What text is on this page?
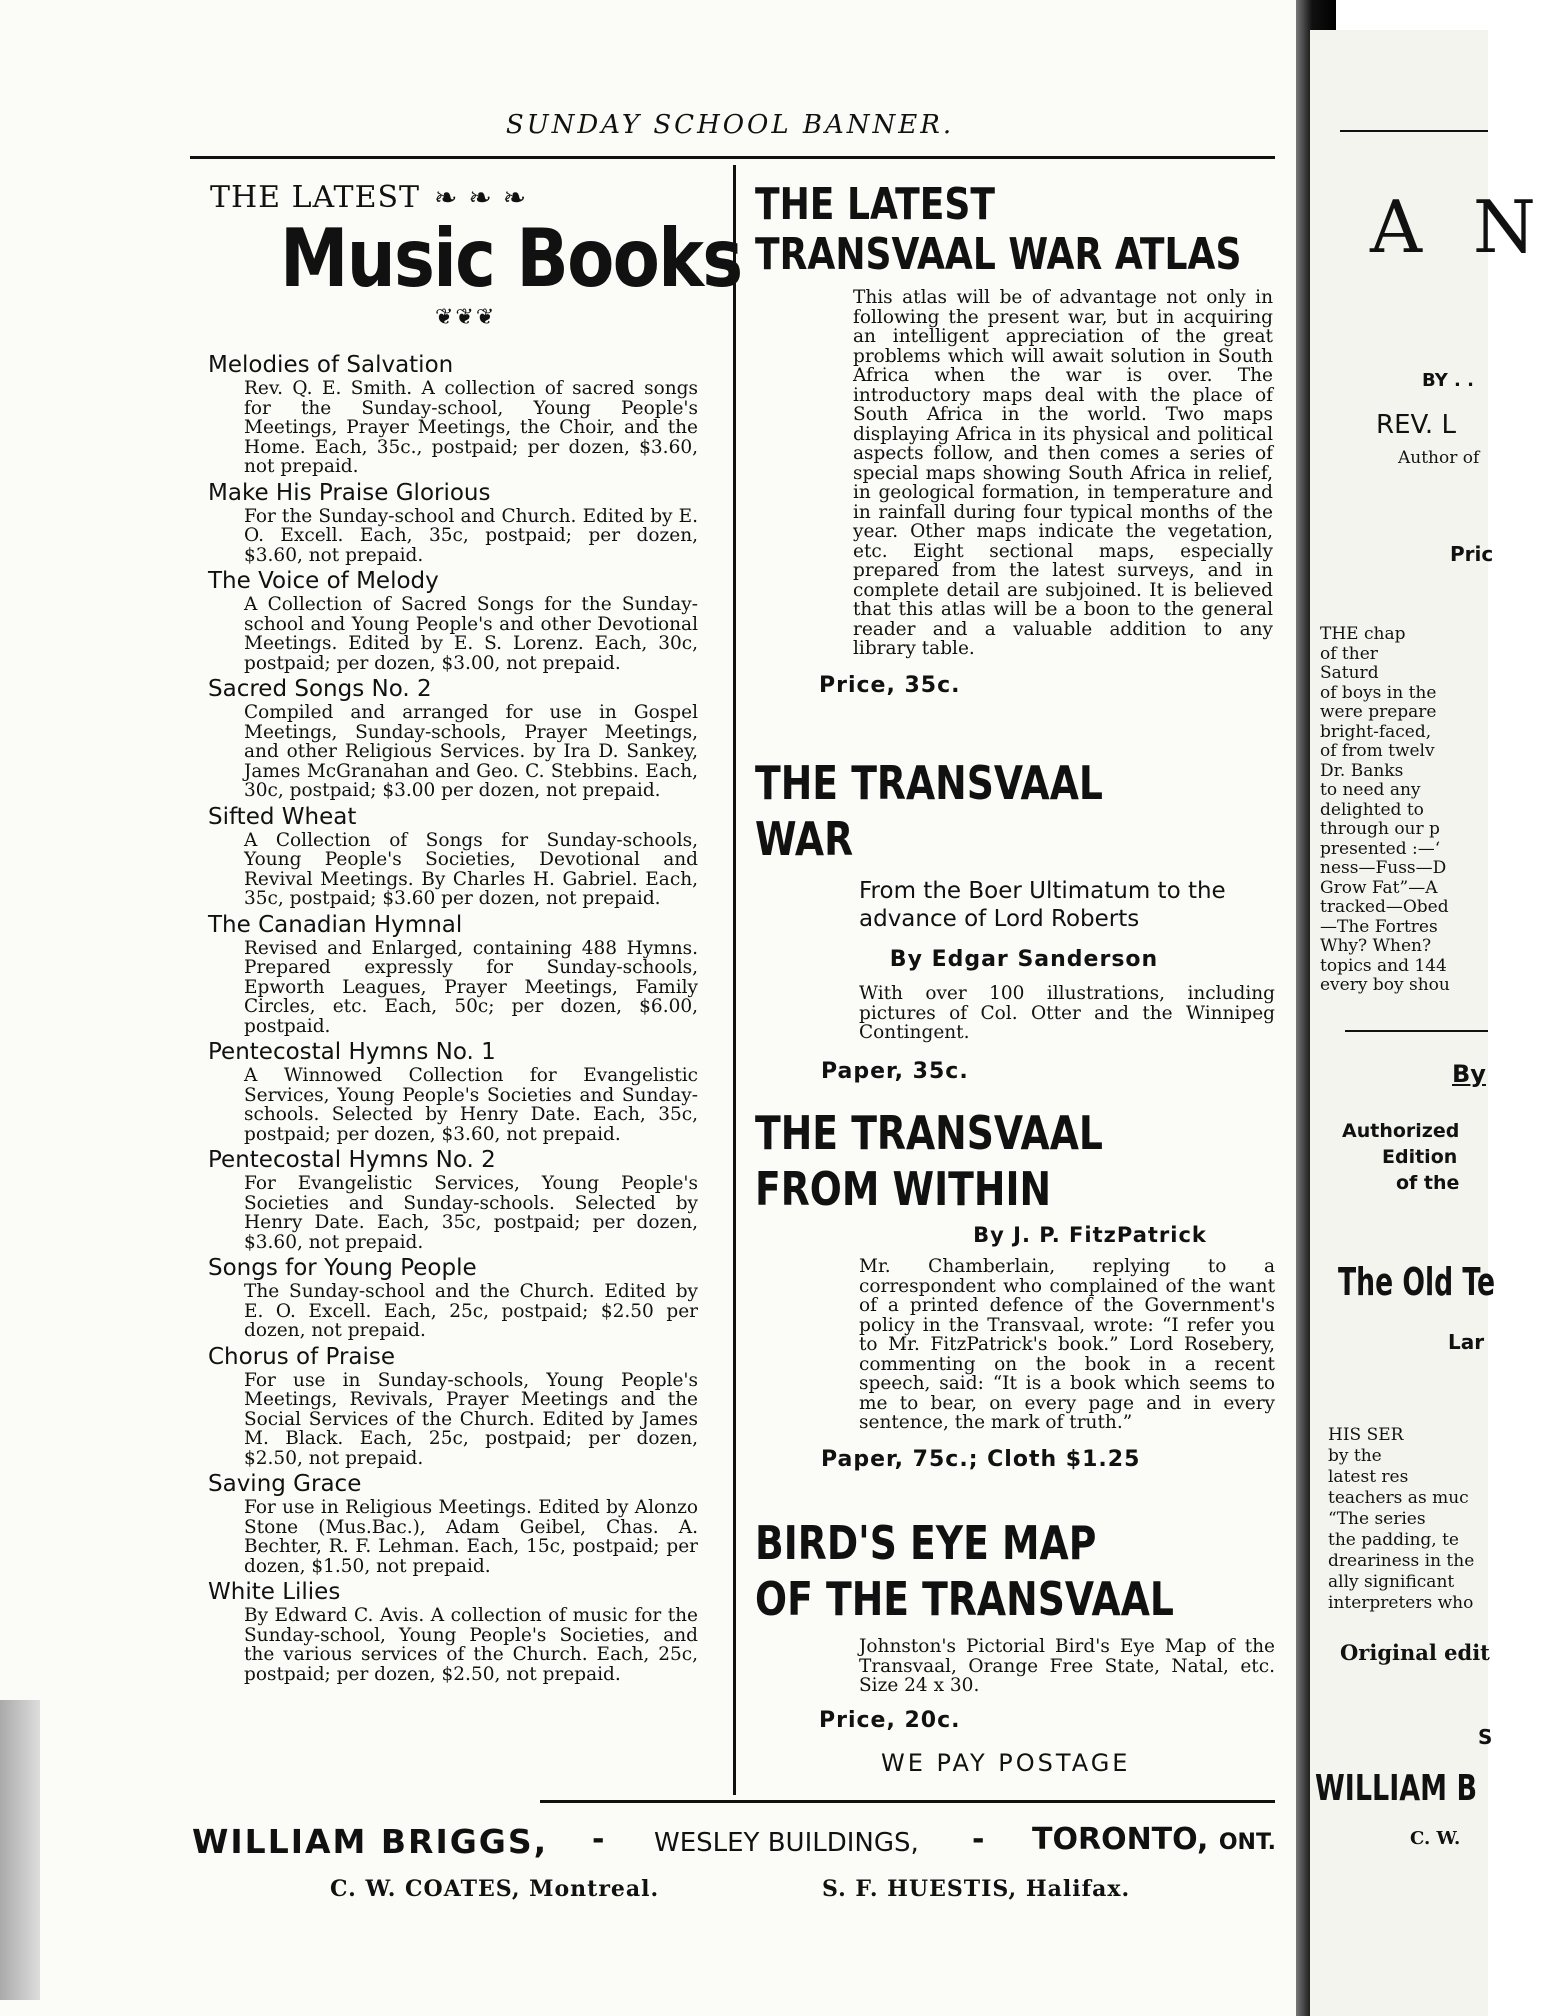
SUNDAY SCHOOL BANNER.
THE LATEST ❧ ❧ ❧
Music Books
❦❦❦
Melodies of Salvation
Rev. Q. E. Smith. A collection of sacred songs for the Sunday-school, Young People's Meetings, Prayer Meetings, the Choir, and the Home. Each, 35c., postpaid; per dozen, $3.60, not prepaid.
Make His Praise Glorious
For the Sunday-school and Church. Edited by E. O. Excell. Each, 35c, postpaid; per dozen, $3.60, not prepaid.
The Voice of Melody
A Collection of Sacred Songs for the Sunday-school and Young People's and other Devotional Meetings. Edited by E. S. Lorenz. Each, 30c, postpaid; per dozen, $3.00, not prepaid.
Sacred Songs No. 2
Compiled and arranged for use in Gospel Meetings, Sunday-schools, Prayer Meetings, and other Religious Services. by Ira D. Sankey, James McGranahan and Geo. C. Stebbins. Each, 30c, postpaid; $3.00 per dozen, not prepaid.
Sifted Wheat
A Collection of Songs for Sunday-schools, Young People's Societies, Devotional and Revival Meetings. By Charles H. Gabriel. Each, 35c, postpaid; $3.60 per dozen, not prepaid.
The Canadian Hymnal
Revised and Enlarged, containing 488 Hymns. Prepared expressly for Sunday-schools, Epworth Leagues, Prayer Meetings, Family Circles, etc. Each, 50c; per dozen, $6.00, postpaid.
Pentecostal Hymns No. 1
A Winnowed Collection for Evangelistic Services, Young People's Societies and Sunday-schools. Selected by Henry Date. Each, 35c, postpaid; per dozen, $3.60, not prepaid.
Pentecostal Hymns No. 2
For Evangelistic Services, Young People's Societies and Sunday-schools. Selected by Henry Date. Each, 35c, postpaid; per dozen, $3.60, not prepaid.
Songs for Young People
The Sunday-school and the Church. Edited by E. O. Excell. Each, 25c, postpaid; $2.50 per dozen, not prepaid.
Chorus of Praise
For use in Sunday-schools, Young People's Meetings, Revivals, Prayer Meetings and the Social Services of the Church. Edited by James M. Black. Each, 25c, postpaid; per dozen, $2.50, not prepaid.
Saving Grace
For use in Religious Meetings. Edited by Alonzo Stone (Mus.Bac.), Adam Geibel, Chas. A. Bechter, R. F. Lehman. Each, 15c, postpaid; per dozen, $1.50, not prepaid.
White Lilies
By Edward C. Avis. A collection of music for the Sunday-school, Young People's Societies, and the various services of the Church. Each, 25c, postpaid; per dozen, $2.50, not prepaid.
THE LATEST
TRANSVAAL WAR ATLAS
This atlas will be of advantage not only in following the present war, but in acquiring an intelligent appreciation of the great problems which will await solution in South Africa when the war is over. The introductory maps deal with the place of South Africa in the world. Two maps displaying Africa in its physical and political aspects follow, and then comes a series of special maps showing South Africa in relief, in geological formation, in temperature and in rainfall during four typical months of the year. Other maps indicate the vegetation, etc. Eight sectional maps, especially prepared from the latest surveys, and in complete detail are subjoined. It is believed that this atlas will be a boon to the general reader and a valuable addition to any library table.
Price, 35c.
THE TRANSVAAL
WAR
From the Boer Ultimatum to the advance of Lord Roberts
By Edgar Sanderson
With over 100 illustrations, including pictures of Col. Otter and the Winnipeg Contingent.
Paper, 35c.
THE TRANSVAAL
FROM WITHIN
By J. P. FitzPatrick
Mr. Chamberlain, replying to a correspondent who complained of the want of a printed defence of the Government's policy in the Transvaal, wrote: “I refer you to Mr. FitzPatrick's book.” Lord Rosebery, commenting on the book in a recent speech, said: “It is a book which seems to me to bear, on every page and in every sentence, the mark of truth.”
Paper, 75c.; Cloth $1.25
BIRD'S EYE MAP
OF THE TRANSVAAL
Johnston's Pictorial Bird's Eye Map of the Transvaal, Orange Free State, Natal, etc. Size 24 x 30.
Price, 20c.
WE PAY POSTAGE
WILLIAM BRIGGS, - WESLEY BUILDINGS, - TORONTO, ONT.
C. W. COATES, Montreal.	S. F. HUESTIS, Halifax.
A N
BY . .
REV. L
Author of
Pric
THE chap
of ther
Saturd
of boys in the
were prepare
bright-faced,
of from twelv
Dr. Banks
to need any
delighted to
through our p
presented :—‘
ness—Fuss—D
Grow Fat”—A
tracked—Obed
—The Fortres
Why? When?
topics and 144
every boy shou
By
Authorized
Edition
of the
The Old Te
Lar
HIS SER
by the
latest res
teachers as muc
“The series
the padding, te
dreariness in the
ally significant
interpreters who
Original edit
S
WILLIAM B
C. W.
